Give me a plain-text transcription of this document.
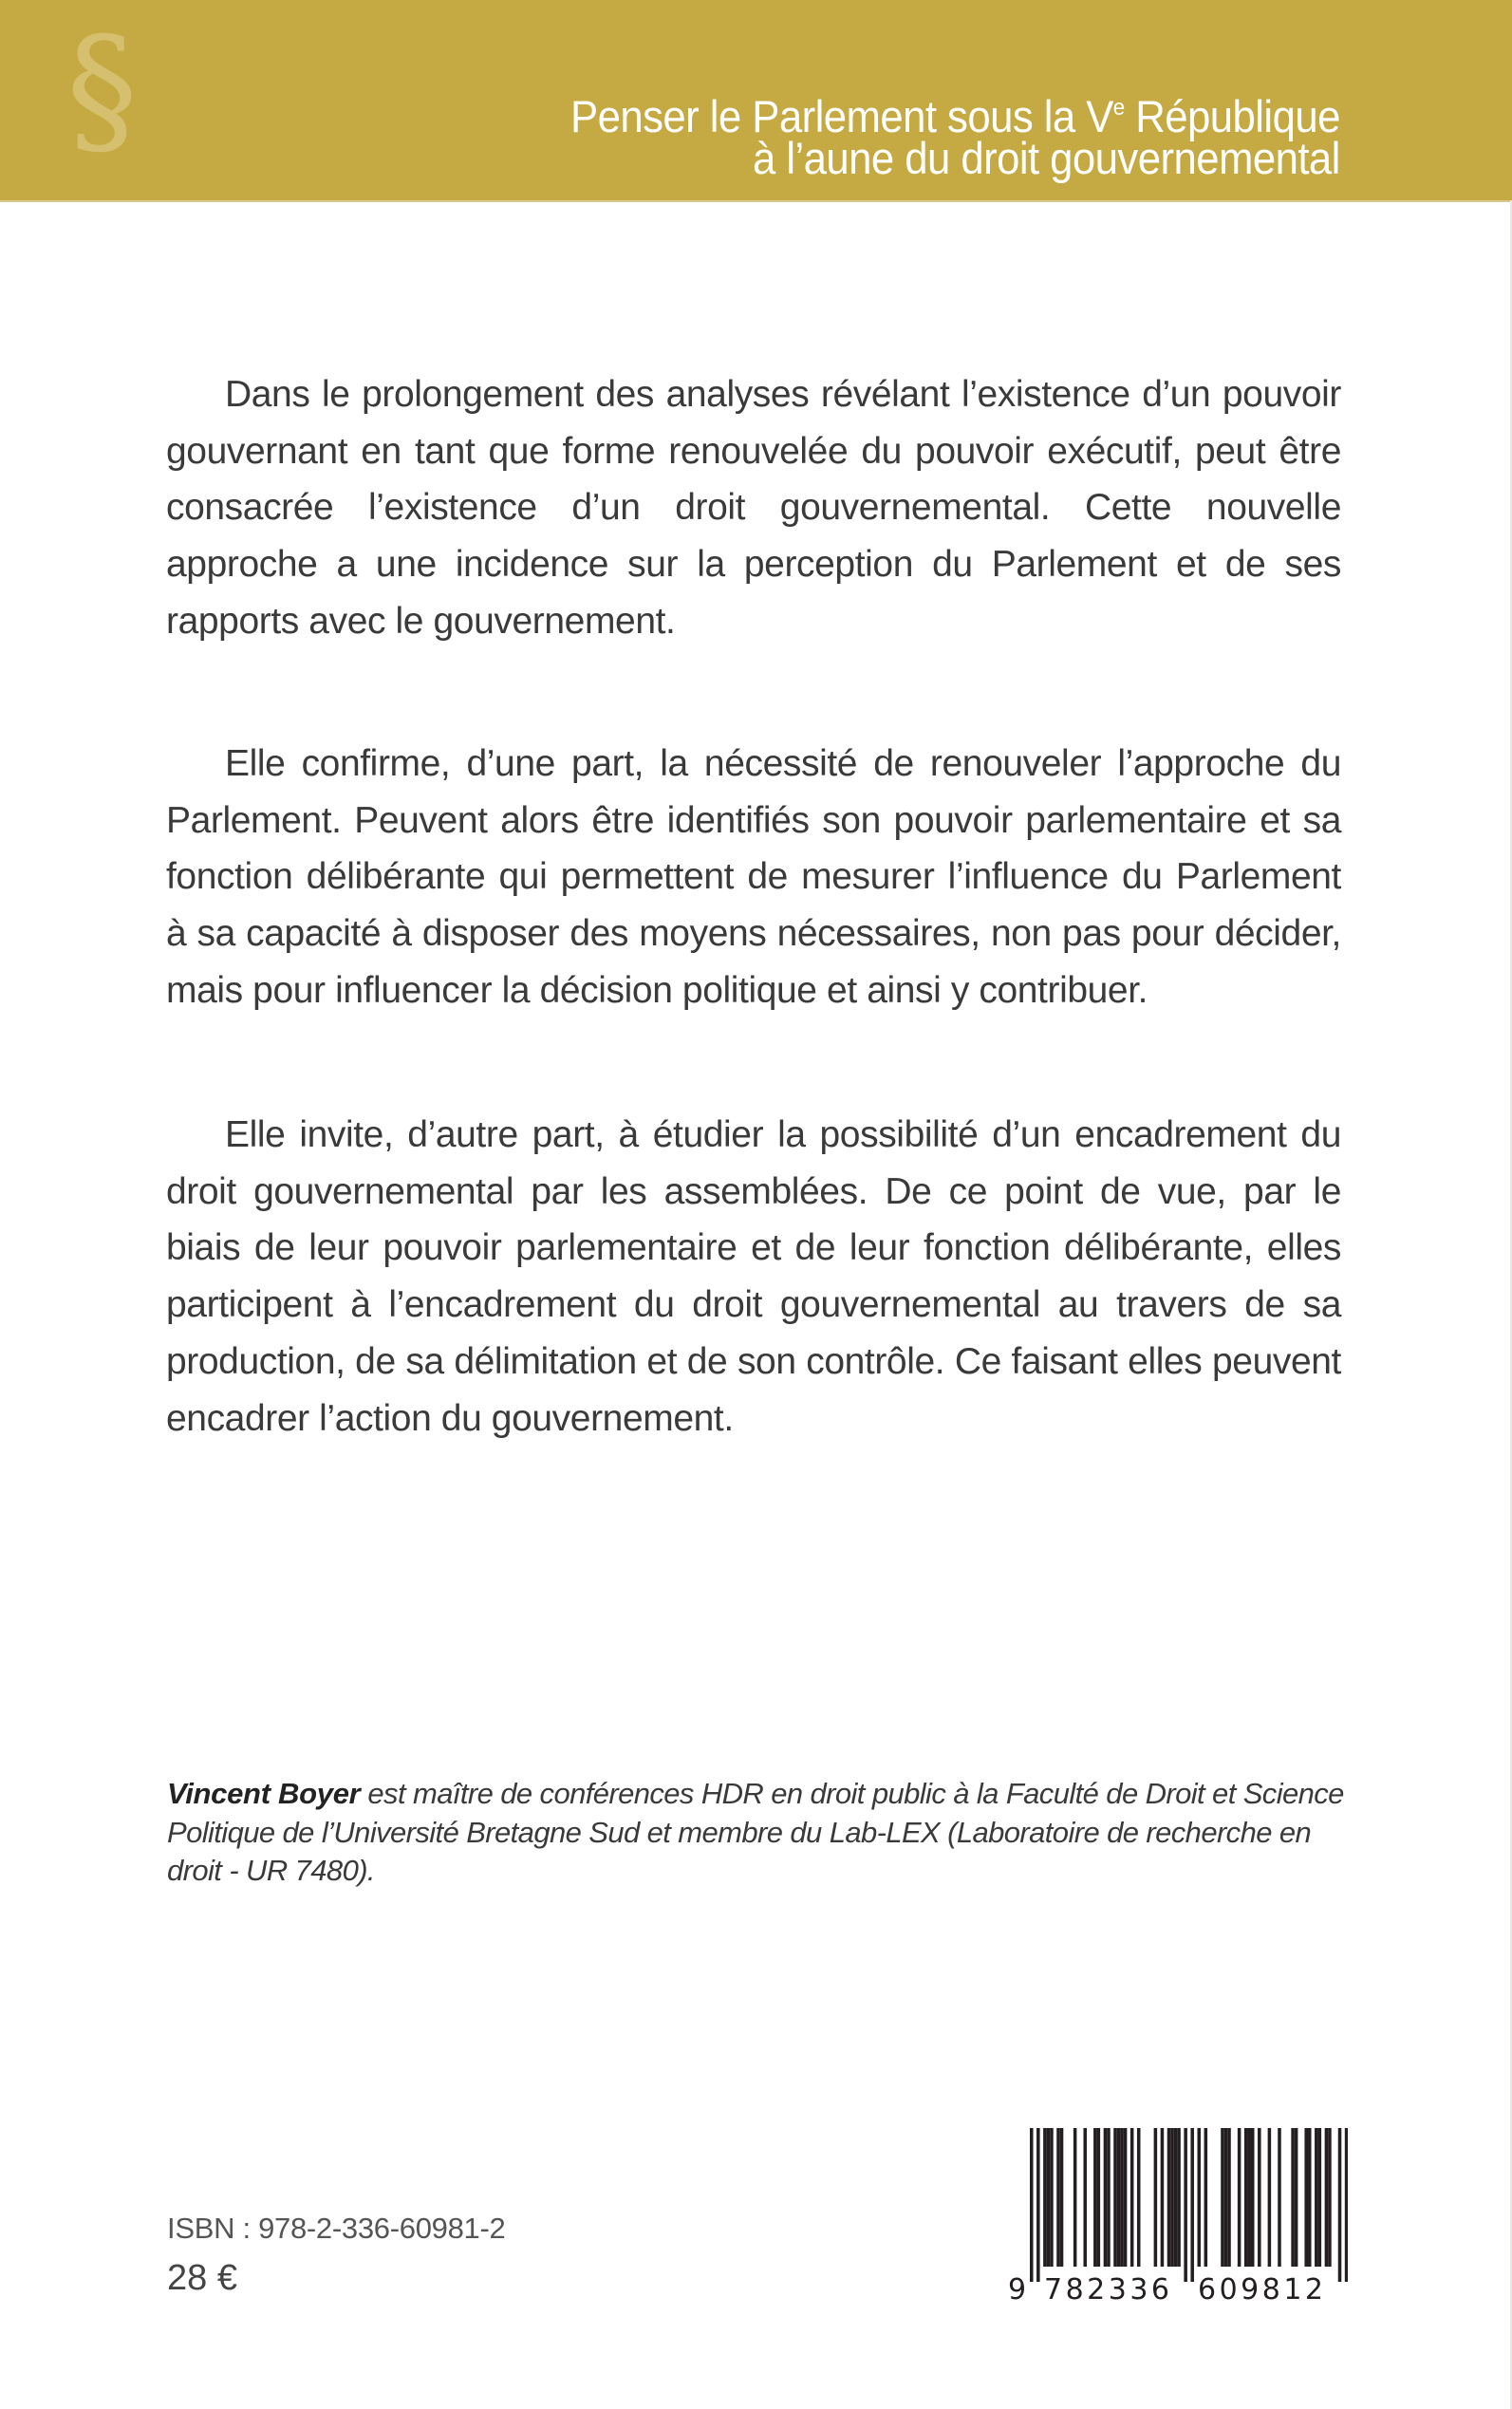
§	Penser le Parlement sous la Ve République
à l’aune du droit gouvernemental

Dans le prolongement des analyses révélant l’existence d’un pouvoir gouvernant en tant que forme renouvelée du pouvoir exécutif, peut être consacrée l’existence d’un droit gouvernemental. Cette nouvelle approche a une incidence sur la perception du Parlement et de ses rapports avec le gouvernement.

Elle confirme, d’une part, la nécessité de renouveler l’approche du Parlement. Peuvent alors être identifiés son pouvoir parlementaire et sa fonction délibérante qui permettent de mesurer l’influence du Parlement à sa capacité à disposer des moyens nécessaires, non pas pour décider, mais pour influencer la décision politique et ainsi y contribuer.

Elle invite, d’autre part, à étudier la possibilité d’un encadrement du droit gouvernemental par les assemblées. De ce point de vue, par le biais de leur pouvoir parlementaire et de leur fonction délibérante, elles participent à l’encadrement du droit gouvernemental au travers de sa production, de sa délimitation et de son contrôle. Ce faisant elles peuvent encadrer l’action du gouvernement.

Vincent Boyer est maître de conférences HDR en droit public à la Faculté de Droit et Science Politique de l’Université Bretagne Sud et membre du Lab-LEX (Laboratoire de recherche en droit - UR 7480).
ISBN : 978-2-336-60981-2
28 €	9 782336 609812
